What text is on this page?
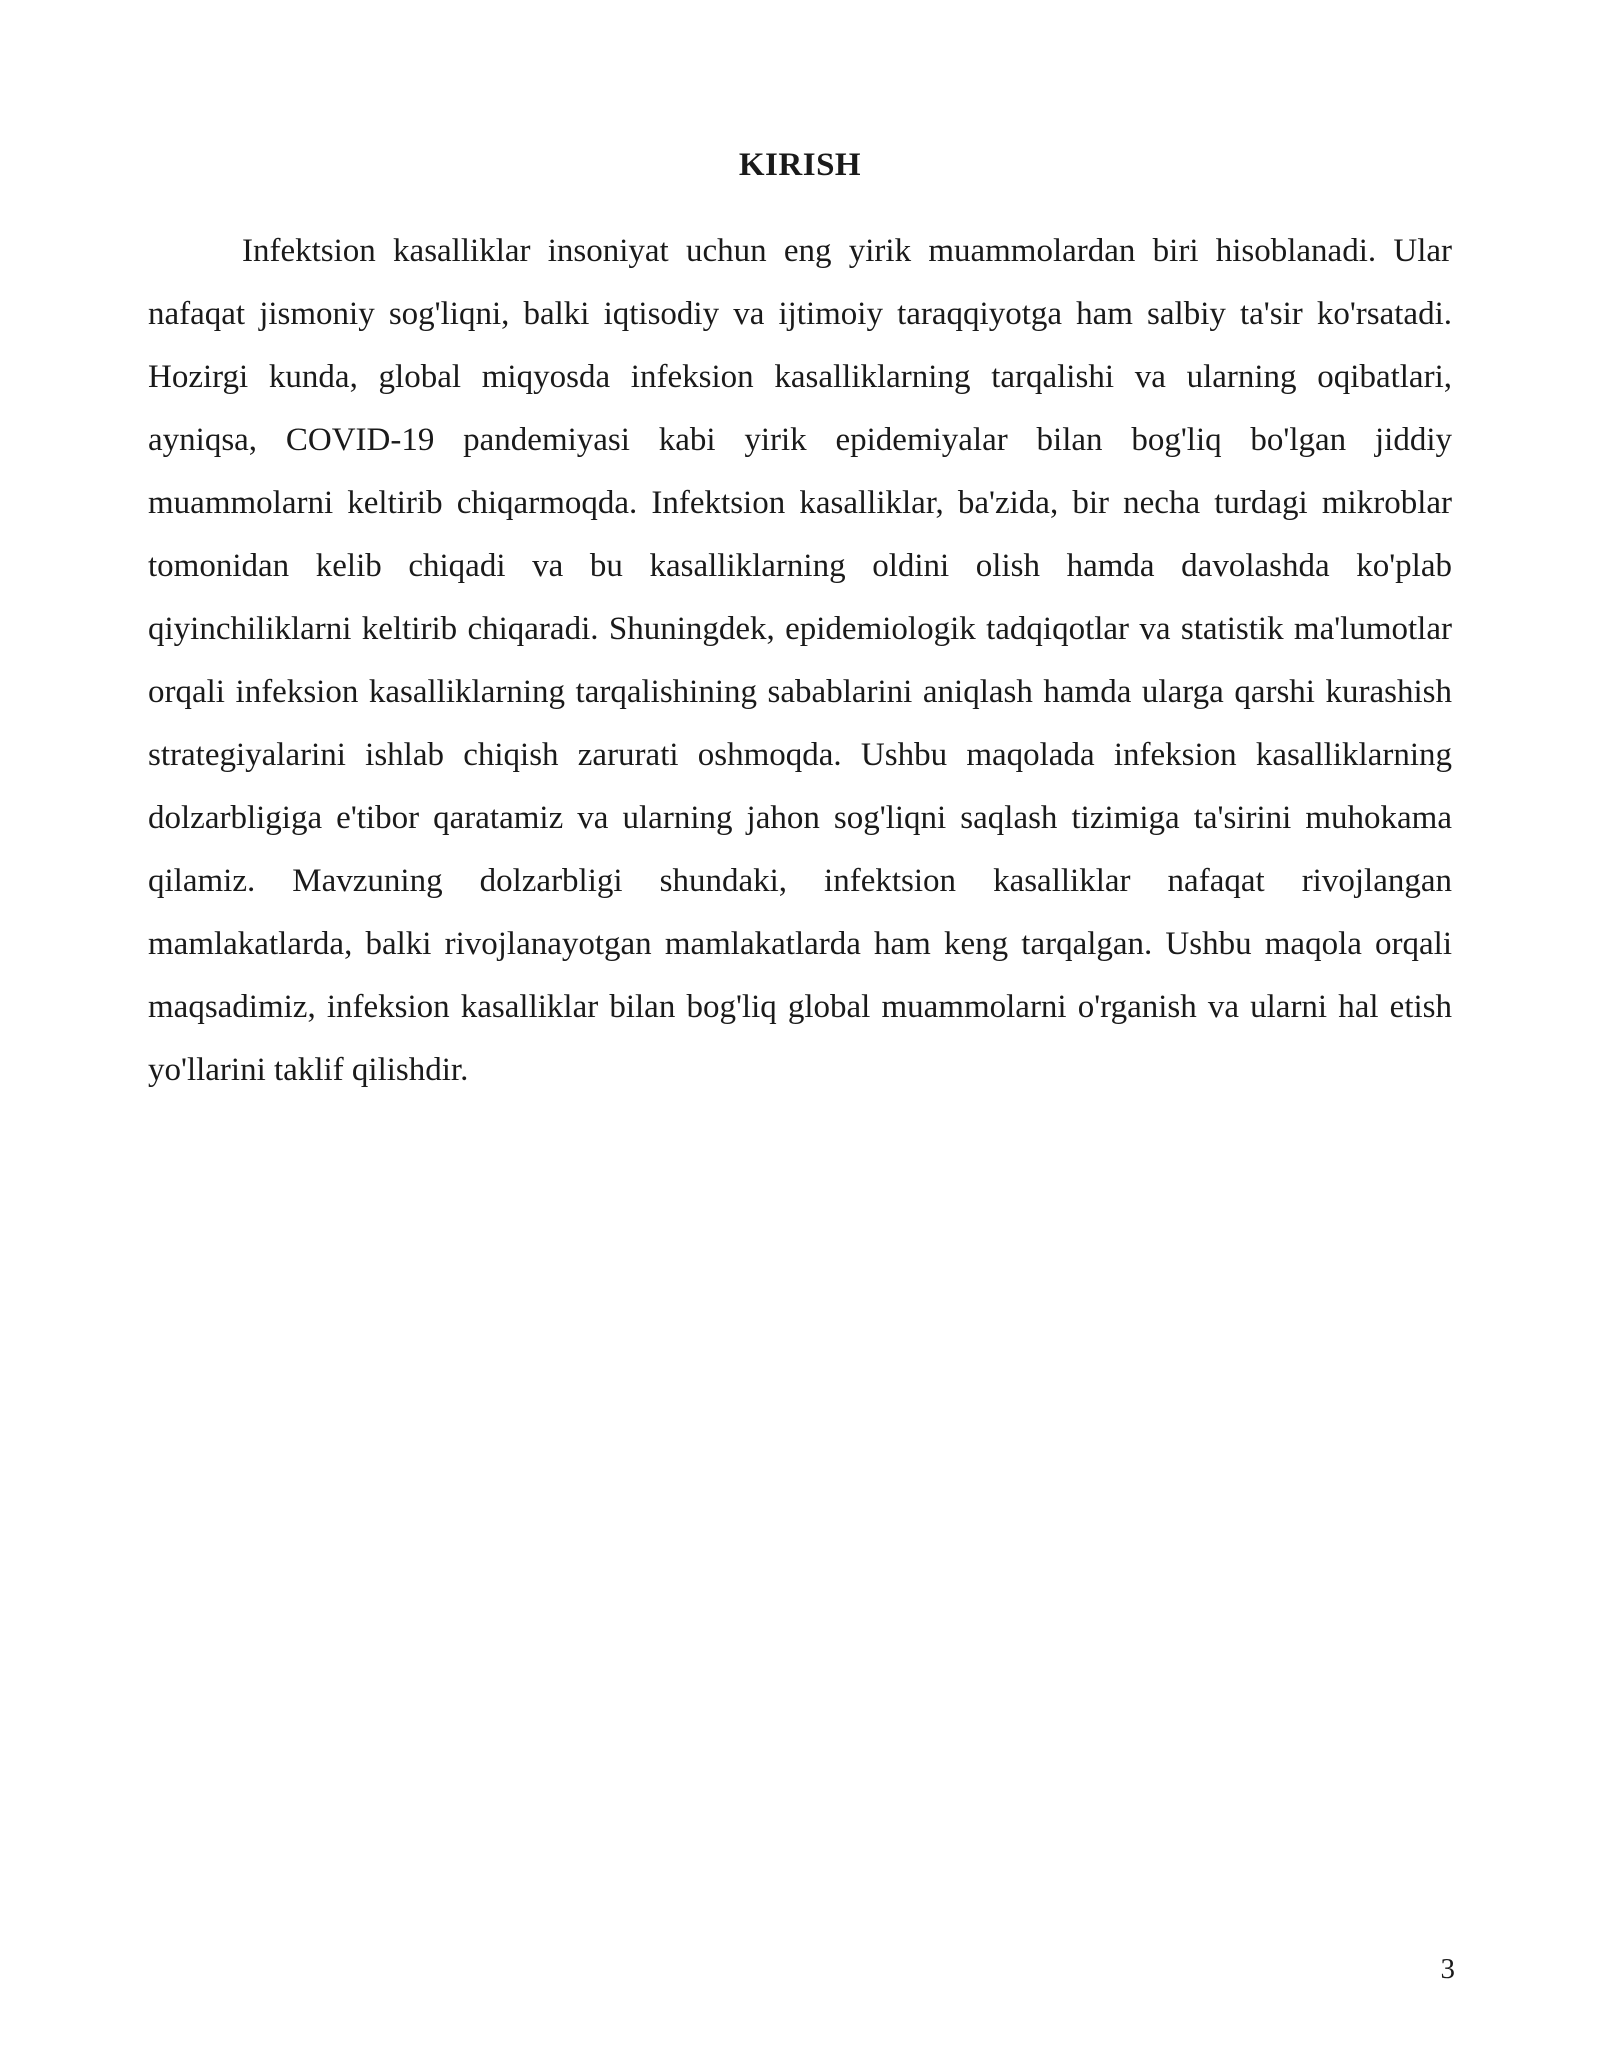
KIRISH

Infektsion kasalliklar insoniyat uchun eng yirik muammolardan biri hisoblanadi. Ular nafaqat jismoniy sog'liqni, balki iqtisodiy va ijtimoiy taraqqiyotga ham salbiy ta'sir ko'rsatadi. Hozirgi kunda, global miqyosda infeksion kasalliklarning tarqalishi va ularning oqibatlari, ayniqsa, COVID-19 pandemiyasi kabi yirik epidemiyalar bilan bog'liq bo'lgan jiddiy muammolarni keltirib chiqarmoqda. Infektsion kasalliklar, ba'zida, bir necha turdagi mikroblar tomonidan kelib chiqadi va bu kasalliklarning oldini olish hamda davolashda ko'plab qiyinchiliklarni keltirib chiqaradi. Shuningdek, epidemiologik tadqiqotlar va statistik ma'lumotlar orqali infeksion kasalliklarning tarqalishining sabablarini aniqlash hamda ularga qarshi kurashish strategiyalarini ishlab chiqish zarurati oshmoqda. Ushbu maqolada infeksion kasalliklarning dolzarbligiga e'tibor qaratamiz va ularning jahon sog'liqni saqlash tizimiga ta'sirini muhokama qilamiz. Mavzuning dolzarbligi shundaki, infektsion kasalliklar nafaqat rivojlangan mamlakatlarda, balki rivojlanayotgan mamlakatlarda ham keng tarqalgan. Ushbu maqola orqali maqsadimiz, infeksion kasalliklar bilan bog'liq global muammolarni o'rganish va ularni hal etish yo'llarini taklif qilishdir.

3
